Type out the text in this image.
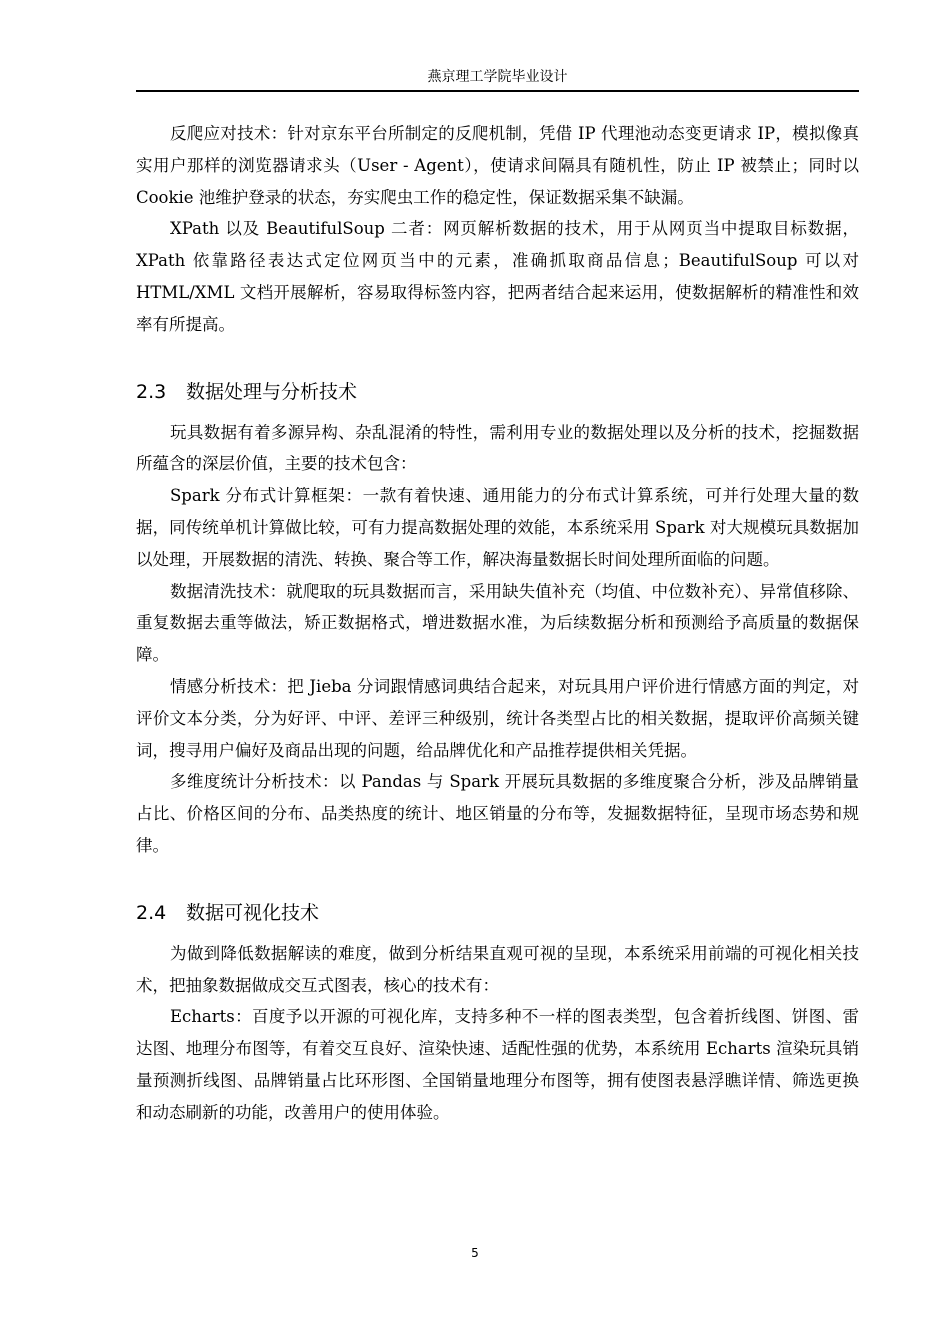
燕京理工学院毕业设计

反爬应对技术：针对京东平台所制定的反爬机制，凭借 IP 代理池动态变更请求 IP，模拟像真实用户那样的浏览器请求头（User - Agent），使请求间隔具有随机性，防止 IP 被禁止；同时以 Cookie 池维护登录的状态，夯实爬虫工作的稳定性，保证数据采集不缺漏。

XPath 以及 BeautifulSoup 二者：网页解析数据的技术，用于从网页当中提取目标数据，XPath 依靠路径表达式定位网页当中的元素，准确抓取商品信息；BeautifulSoup 可以对 HTML/XML 文档开展解析，容易取得标签内容，把两者结合起来运用，使数据解析的精准性和效率有所提高。

2.3 数据处理与分析技术

玩具数据有着多源异构、杂乱混淆的特性，需利用专业的数据处理以及分析的技术，挖掘数据所蕴含的深层价值，主要的技术包含：

Spark 分布式计算框架：一款有着快速、通用能力的分布式计算系统，可并行处理大量的数据，同传统单机计算做比较，可有力提高数据处理的效能，本系统采用 Spark 对大规模玩具数据加以处理，开展数据的清洗、转换、聚合等工作，解决海量数据长时间处理所面临的问题。

数据清洗技术：就爬取的玩具数据而言，采用缺失值补充（均值、中位数补充）、异常值移除、重复数据去重等做法，矫正数据格式，增进数据水准，为后续数据分析和预测给予高质量的数据保障。

情感分析技术：把 Jieba 分词跟情感词典结合起来，对玩具用户评价进行情感方面的判定，对评价文本分类，分为好评、中评、差评三种级别，统计各类型占比的相关数据，提取评价高频关键词，搜寻用户偏好及商品出现的问题，给品牌优化和产品推荐提供相关凭据。

多维度统计分析技术：以 Pandas 与 Spark 开展玩具数据的多维度聚合分析，涉及品牌销量占比、价格区间的分布、品类热度的统计、地区销量的分布等，发掘数据特征，呈现市场态势和规律。

2.4 数据可视化技术

为做到降低数据解读的难度，做到分析结果直观可视的呈现，本系统采用前端的可视化相关技术，把抽象数据做成交互式图表，核心的技术有：

Echarts：百度予以开源的可视化库，支持多种不一样的图表类型，包含着折线图、饼图、雷达图、地理分布图等，有着交互良好、渲染快速、适配性强的优势，本系统用 Echarts 渲染玩具销量预测折线图、品牌销量占比环形图、全国销量地理分布图等，拥有使图表悬浮瞧详情、筛选更换和动态刷新的功能，改善用户的使用体验。

5
